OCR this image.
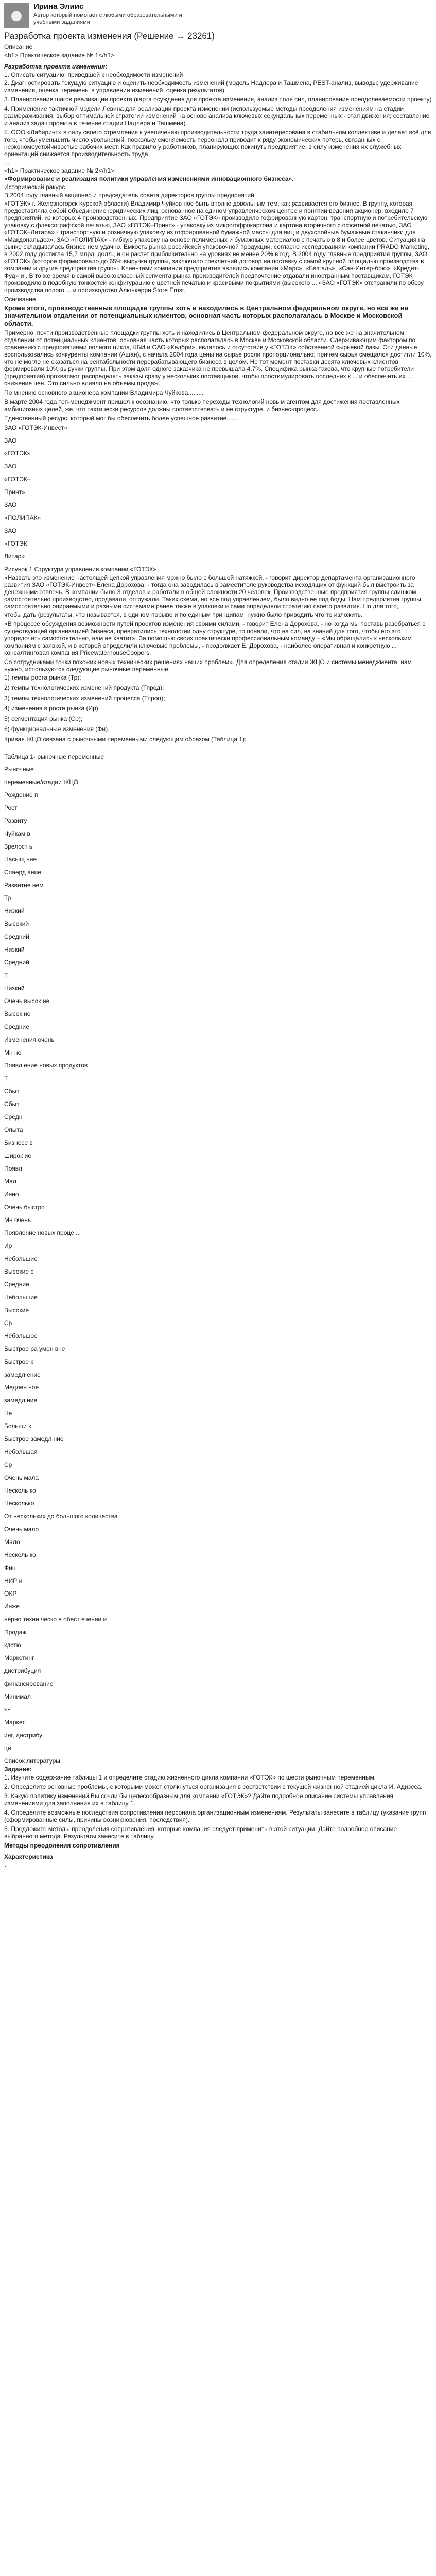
●
Ирина Элиис
Автор который помогает с любыми образовательными и
учебными заданиями
Разработка проекта изменения (Решение → 23261)

Описание

<h1> Практическое задание № 1</h1>

Разработка проекта изменения:

1. Описать ситуацию, приведшей к необходимости изменений

2. Диагностировать текущую ситуацию и оценить необходимость изменений (модель Надлера и Ташмена, PEST-анализ, выводы; удерживание изменения, оценка перемены в управлении изменений, оценка результатов)

3. Планирование шагов реализации проекта (карта осуждения для проекта изменения, анализ поля сил, планирование преодолеваемости проекту)

4. Применение тактичной модели Левина для реализации проекта изменений (используемые методы преодоления изменениям на стадии размораживания; выбор оптимальной стратегии изменений на основе анализа ключевых секундальных переменных - этап движения; составление и анализ задач проекта в течение стадии Надлера и Ташмена).

5. ООО «Лабиринт» в силу своего стремления к увеличению производительности труда заинтересована в стабильном коллективе и делает всё для того, чтобы уменьшить число увольнений, поскольку сменяемость персонала приводит к ряду экономических потерь, связанных с неэкономоустойчивостью рабочих мест. Как правило у работников, планирующих покинуть предприятие, в силу изменения их служебных ориентаций снижается производительность труда.

....

<h1> Практическое задание № 2</h1>

«Формирование и реализация политики управления изменениями инновационного бизнеса».

Исторический ракурс

В 2004 году главный акционер и председатель совета директоров группы предприятий

«ГОТЭК» г. Железногорск Курской области) Владимир Чуйков нос быть вполне довольным тем, как развивается его бизнес. В группу, которая предоставляла собой объединение юридических лиц, основанное на едином управленческом центре и понятии ведения акционер, входило 7 предприятий, из которых 4 производственных. Предприятие ЗАО «ГОТЭК» производило гофрированную картон, транспортную и потребительскую упаковку с флексографской печатью, ЗАО «ГОТЭК–Принт» - упаковку из микрогофрокартона и картона вторичного с офсетной печатью, ЗАО «ГОТЭК–Литара» - транспортную и розничную упаковку из гофрированной бумажной массы для яиц и двухслойные бумажные стаканчики для «Макдональдса», ЗАО «ПОЛИПАК» - гибкую упаковку на основе полимерных и бумажных материалов с печатью в 8 и более цветов. Ситуация на рынке складывалась бизнес нем удачно. Емкость рынка российской упаковочной продукции, согласно исследованиям компании PRADO Marketing, в 2002 году достигла 15,7 млрд. долл., и он растет приблизительно на уровнях не менее 20% в год. В 2004 году главные предприятия группы, ЗАО «ГОТЭК» (которое формировало до 65% выручки группы, заключило трехлетний договор на поставку с самой крупной площадью производства в компании и другие предприятия группы. Клиентами компании предприятия являлись компании «Марс», «Базгаль», «Сан-Интер-брю», «Кредит-Фуд» и . В то же время в самой высококлассный сегмента рынка производителей предпочтение отдавали иностранным поставщикам. ГОТЭК производило в подобную тонкостей конфигурацию с цветной печатью и красивыми покрытиями (высокого ... «ЗАО «ГОТЭК» отстранили по обозу производства полого ... и производство Алюнкерри Store Ernst.

Основание

Кроме этого, производственные площадки группы хоть и находились в Центральном федеральном округе, но все же на значительном отдалении от потенциальных клиентов, основная часть которых располагалась в Москве и Московской области.

Примерно, почти производственные площадки группы хоть и находились в Центральном федеральном округе, но все же на значительном отдалении от потенциальных клиентов, основная часть которых располагалась в Москве и Московской области. Сдерживающим фактором по сравнению с предприятиями полного цикла, КБИ и ОАО «Кедбри», являлось и отсутствие у «ГОТЭК» собственной сырьевой базы. Эти данные воспользовались конкуренты компании (Ашан), с начала 2004 года цены на сырье росли пропорционально; причем сырья смещался достигли 10%, что не могло не сказаться на рентабельности перерабатывающего бизнеса в целом. Не тот момент поставки десята ключевых клиентов формировали 10% выручки группы. При этом доля одного заказчика не превышала 4,7%. Специфика рынка такова, что крупные потребители (предприятия) прохватают распределять заказы сразу у нескольких поставщиков, чтобы простимулировать последних к ... и обеспечить их ... снижение цен. Это сильно влияло на объемы продаж.

По мнению основного акционера компании Владимира Чуйкова.........

В марте 2004 года топ-менеджмент пришел к осознанию, что только переходы технологий новым агентом для достижения поставленных амбициозных целей, же, что тактически ресурсов должны соответствовать и не структуре, и бизнес-процесс.

Единственный ресурс, который мог бы обеспечить более успешное развитие.......

ЗАО «ГОТЭК-Инвест»
ЗАО
«ГОТЭК»
ЗАО
«ГОТЭК–
Принт»
ЗАО
«ПОЛИПАК»
ЗАО
«ГОТЭК
Литар»

Рисунок 1 Структура управления компании «ГОТЭК»

«Назвать это изменение настоящей цепкой управления можно было с большой натяжкой, - говорит директор департамента организационного развития ЗАО «ГОТЭК-Инвест» Елена Дорохова, - тогда она заводилась в заместителе руководства исходящих от функций был выстроить за денежными отвлечь. В компании было 3 отделов и работали в общей сложности 20 человек. Производственные предприятия группы слишком самостоятельно производство, продавали, отгружали. Таких схема, но все под управлением, было видно ее под боды. Нам предприятия группы самостоятельно опираемыми и разными системами ранее также в упаковки и сами определяли стратегию своего развития. Но для того,

чтобы дать (результаты, что называется, в едином порыве и по единым принципам, нужно было приводить что то изложить.

«В процессе обсуждения возможности путей проектов изменения своими силами, - говорит Елена Дорохова, - но когда мы поставь разобраться с существующей организацией бизнеса, превратились технологии одну структуре, то поняли, что на сил, на знаний для того, чтобы его это упорядочить самостоятельно, нам не хватит». За помощью своих практически профессиональным команду – «Мы обращались к нескольким компаниям с заявкой, и в которой определили ключевые проблемы, - продолжает Е. Дорохова, - наиболее оперативная и конкретную ... консалтинговая компания PricewaterhouseCoopers.

Со сотрудниками точки похожих новых технических решениях наших проблем». Для определения стадии ЖЦО и системы менеджмента, нам нужно, используются следующие рыночные переменные:

1) темпы роста рынка (Тр);

2) темпы технологических изменений продукта (Тпрод);

3) темпы технологических изменений процесса (Тпроц);

4) изменения в росте рынка (Ир);

5) сегментация рынка (Ср);

6) функциональные изменения (Фи).

Кривая ЖЦО связана с рыночными переменными следующим образом (Таблица 1):

Таблица 1- рыночные переменные

Рыночные
переменные/стадии ЖЦО
Рождение п
Рост
Развиту
Чуйкам в
Зрелост ь
Насыщ ние
Спаерд ание
Развитие нем
Тр
Низкий
Высокий
Средний
Низкий
Средний
Т
Низкий
Очень высок ие
Высок ие
Средние
Изменения очень
Мн не
Появл ение новых продуктов
Т
Сбыт
Сбыт
Средн
Опыта
Бизнесе в
Широк ие
Появл
Мал
Инно
Очень быстро
Мн очень
Появление новых проце ...
Ир
Небольшие
Высокие с
Средние
Небольшие
Высокие
Ср
Небольшое
Быстрое ра умен вне
Быстрое к
замедл ение
Медлен ное
замедл ние
Не
Больши к
Быстрое замедл ние
Небольшая
Ср
Очень мала
Несколь ко
Несколько
От нескольких до большого количества
Очень мало
Мало
Несколь ко
Фин
НИР и
ОКР
Инже
нерно техни ческо в обест ечении и
Продаж
кдстю
Маркетинг,
дистрибуция
финансирование
Минимал
ьн
Маркет
инг, дистрибу
ци

Список литературы

Задание:

1. Изучите содержание таблицы 1 и определите стадию жизненного цикла компании «ГОТЭК» по шести рыночным переменным.

2. Определите основные проблемы, с которыми может столкнуться организация в соответствии с текущей жизненной стадией цикла И. Адизеса.

3. Какую политику изменений Вы сочли бы целесообразным для компании «ГОТЭК»? Дайте подробное описание системы управления изменениями для заполнения их в таблицу 1.

4. Определите возможные последствия сопротивления персонала организационным изменениям. Результаты занесите в таблицу (указание групп (сформированные силы, причины возникновения, последствия).

5. Предложите методы преодоления сопротивления, которые компания следует применить в этой ситуации. Дайте подробное описание выбранного метода. Результаты занесите в таблицу.

Методы преодоления сопротивления

Характеристика

1
